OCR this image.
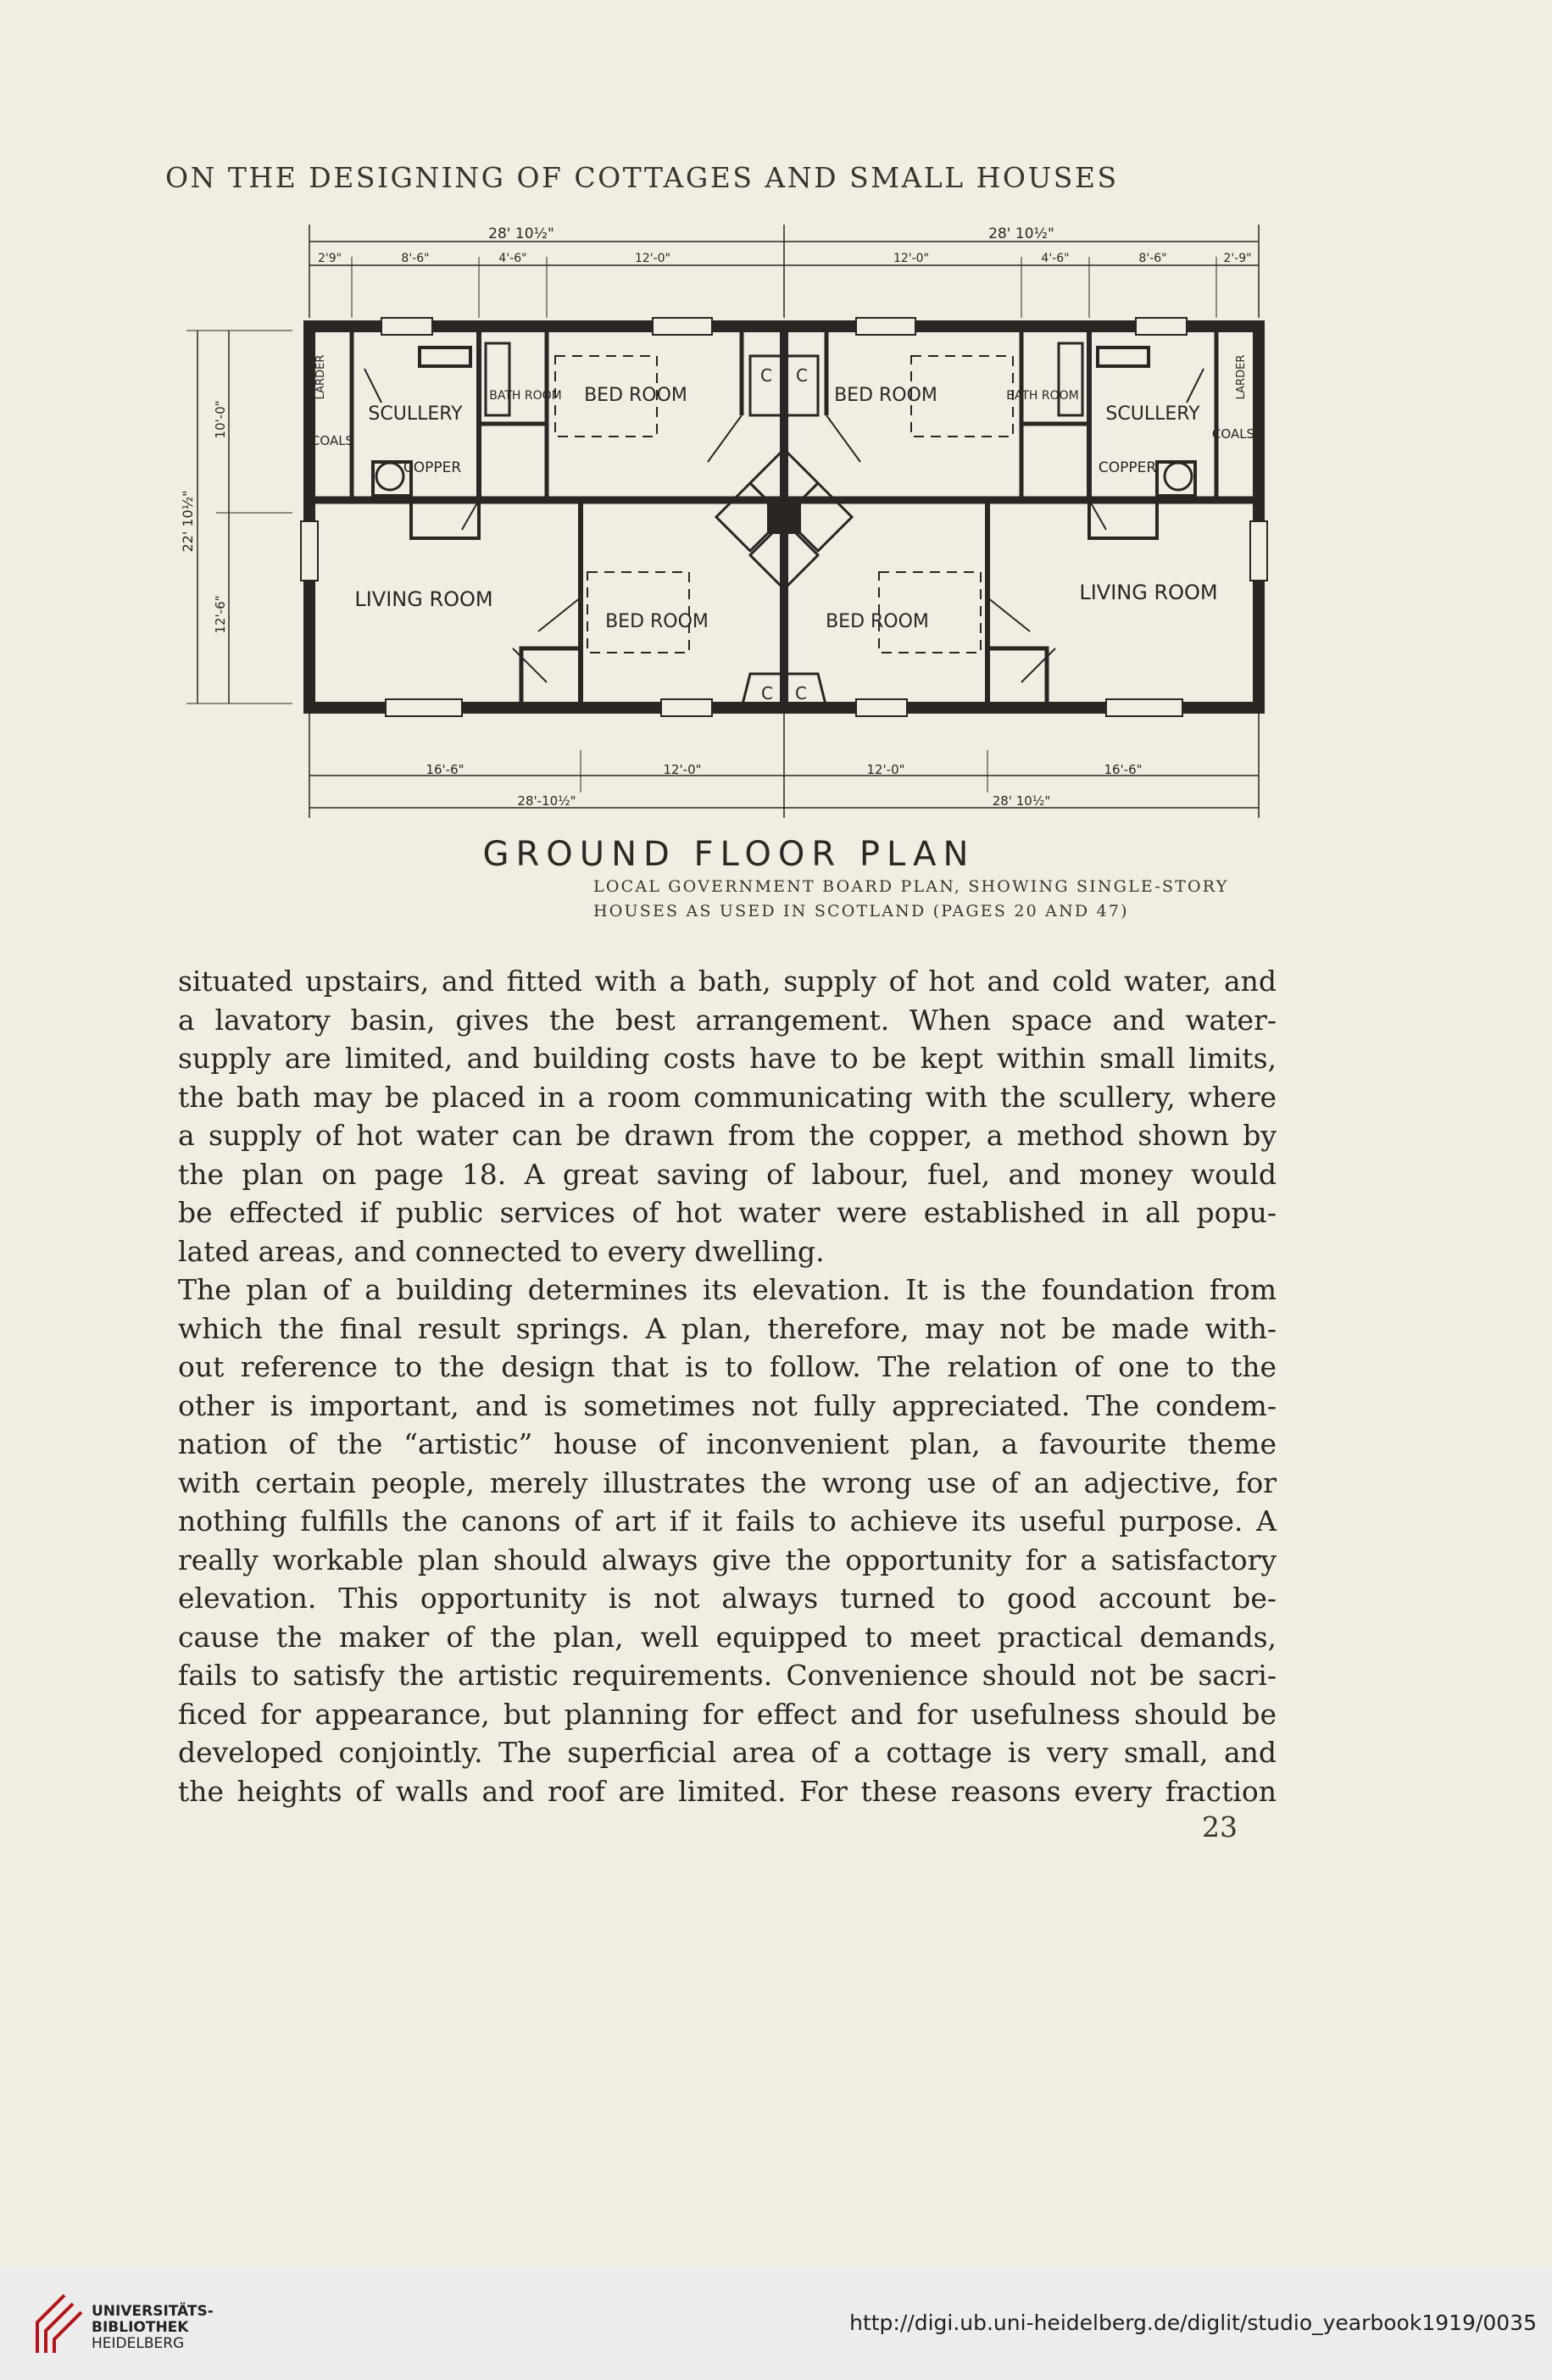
ON THE DESIGNING OF COTTAGES AND SMALL HOUSES
28' 10½"	28' 10½"
2'9"	8'-6"	4'-6"	12'-0"	12'-0"	4'-6"	8'-6"	2'-9"
22' 10½"
10'-0"
12'-6"
16'-6"	12'-0"	12'-0"	16'-6"
28'-10½"	28' 10½"
LARDER
SCULLERY
COALS
COPPER
BATH ROOM BED ROOM
C C
BED ROOM	BATH ROOM
SCULLERY
LARDER
COALS
COPPER
LIVING ROOM
BED ROOM	BED ROOM
LIVING ROOM
C C
GROUND FLOOR PLAN
LOCAL GOVERNMENT BOARD PLAN, SHOWING SINGLE-STORY
HOUSES AS USED IN SCOTLAND (PAGES 20 AND 47)

situated upstairs, and fitted with a bath, supply of hot and cold water, and

a lavatory basin, gives the best arrangement. When space and water-

supply are limited, and building costs have to be kept within small limits,

the bath may be placed in a room communicating with the scullery, where

a supply of hot water can be drawn from the copper, a method shown by

the plan on page 18. A great saving of labour, fuel, and money would

be effected if public services of hot water were established in all popu-

lated areas, and connected to every dwelling.

The plan of a building determines its elevation. It is the foundation from

which the final result springs. A plan, therefore, may not be made with-

out reference to the design that is to follow. The relation of one to the

other is important, and is sometimes not fully appreciated. The condem-

nation of the “artistic” house of inconvenient plan, a favourite theme

with certain people, merely illustrates the wrong use of an adjective, for

nothing fulfills the canons of art if it fails to achieve its useful purpose. A

really workable plan should always give the opportunity for a satisfactory

elevation. This opportunity is not always turned to good account be-

cause the maker of the plan, well equipped to meet practical demands,

fails to satisfy the artistic requirements. Convenience should not be sacri-

ficed for appearance, but planning for effect and for usefulness should be

developed conjointly. The superficial area of a cottage is very small, and

the heights of walls and roof are limited. For these reasons every fraction

23
UNIVERSITÄTS-
BIBLIOTHEK
HEIDELBERG
http://digi.ub.uni-heidelberg.de/diglit/studio_yearbook1919/0035
